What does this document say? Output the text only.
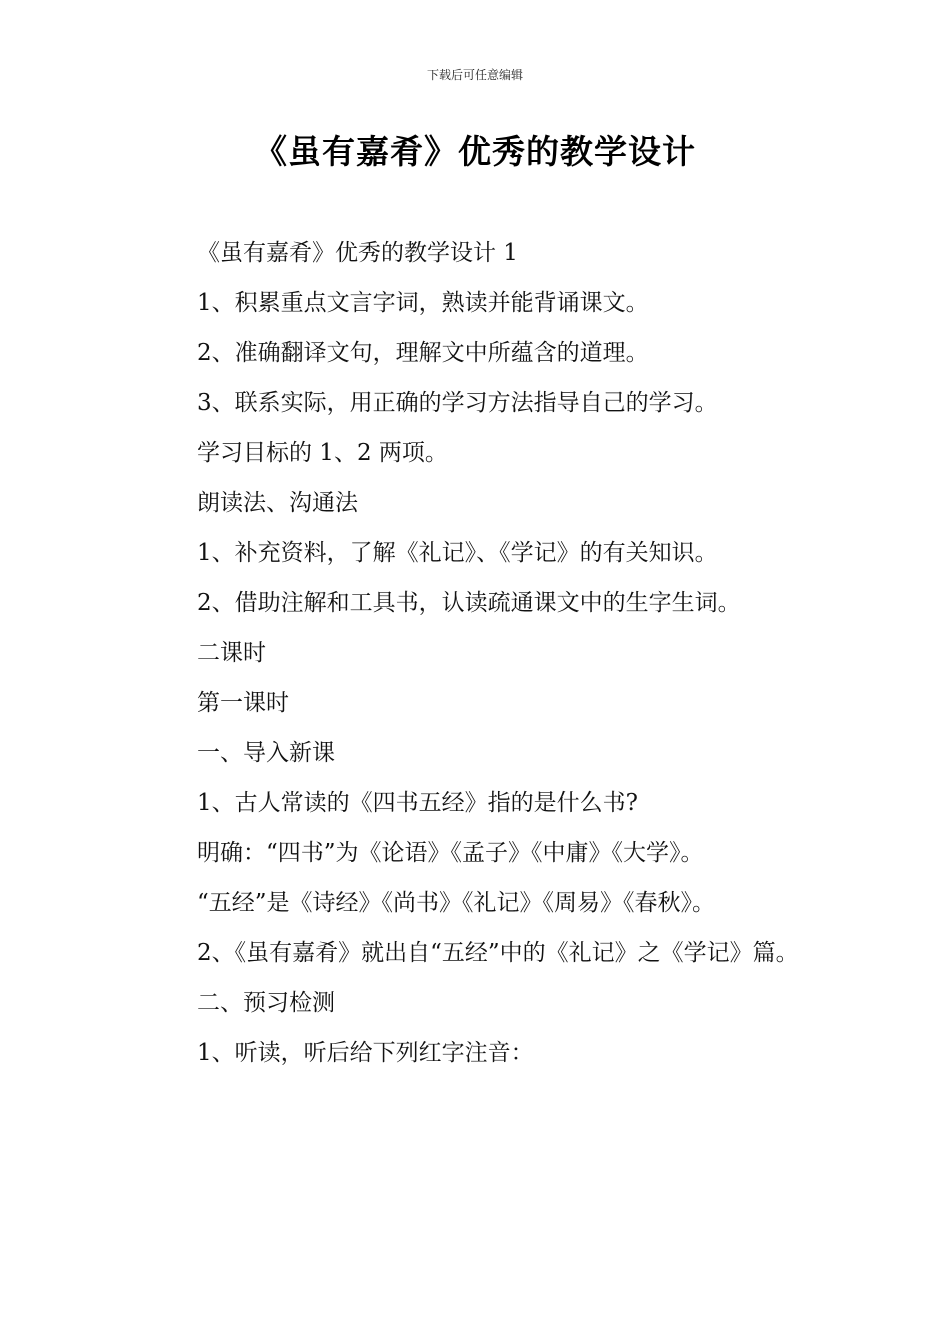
下载后可任意编辑
《虽有嘉肴》优秀的教学设计

《虽有嘉肴》优秀的教学设计 1

1、积累重点文言字词，熟读并能背诵课文。

2、准确翻译文句，理解文中所蕴含的道理。

3、联系实际，用正确的学习方法指导自己的学习。

学习目标的 1、2 两项。

朗读法、沟通法

1、补充资料，了解《礼记》、《学记》的有关知识。

2、借助注解和工具书，认读疏通课文中的生字生词。

二课时

第一课时

一、导入新课

1、古人常读的《四书五经》指的是什么书?

明确：“四书”为《论语》《孟子》《中庸》《大学》。

“五经”是《诗经》《尚书》《礼记》《周易》《春秋》。

2、《虽有嘉肴》就出自“五经”中的《礼记》之《学记》篇。

二、预习检测

1、听读，听后给下列红字注音：
